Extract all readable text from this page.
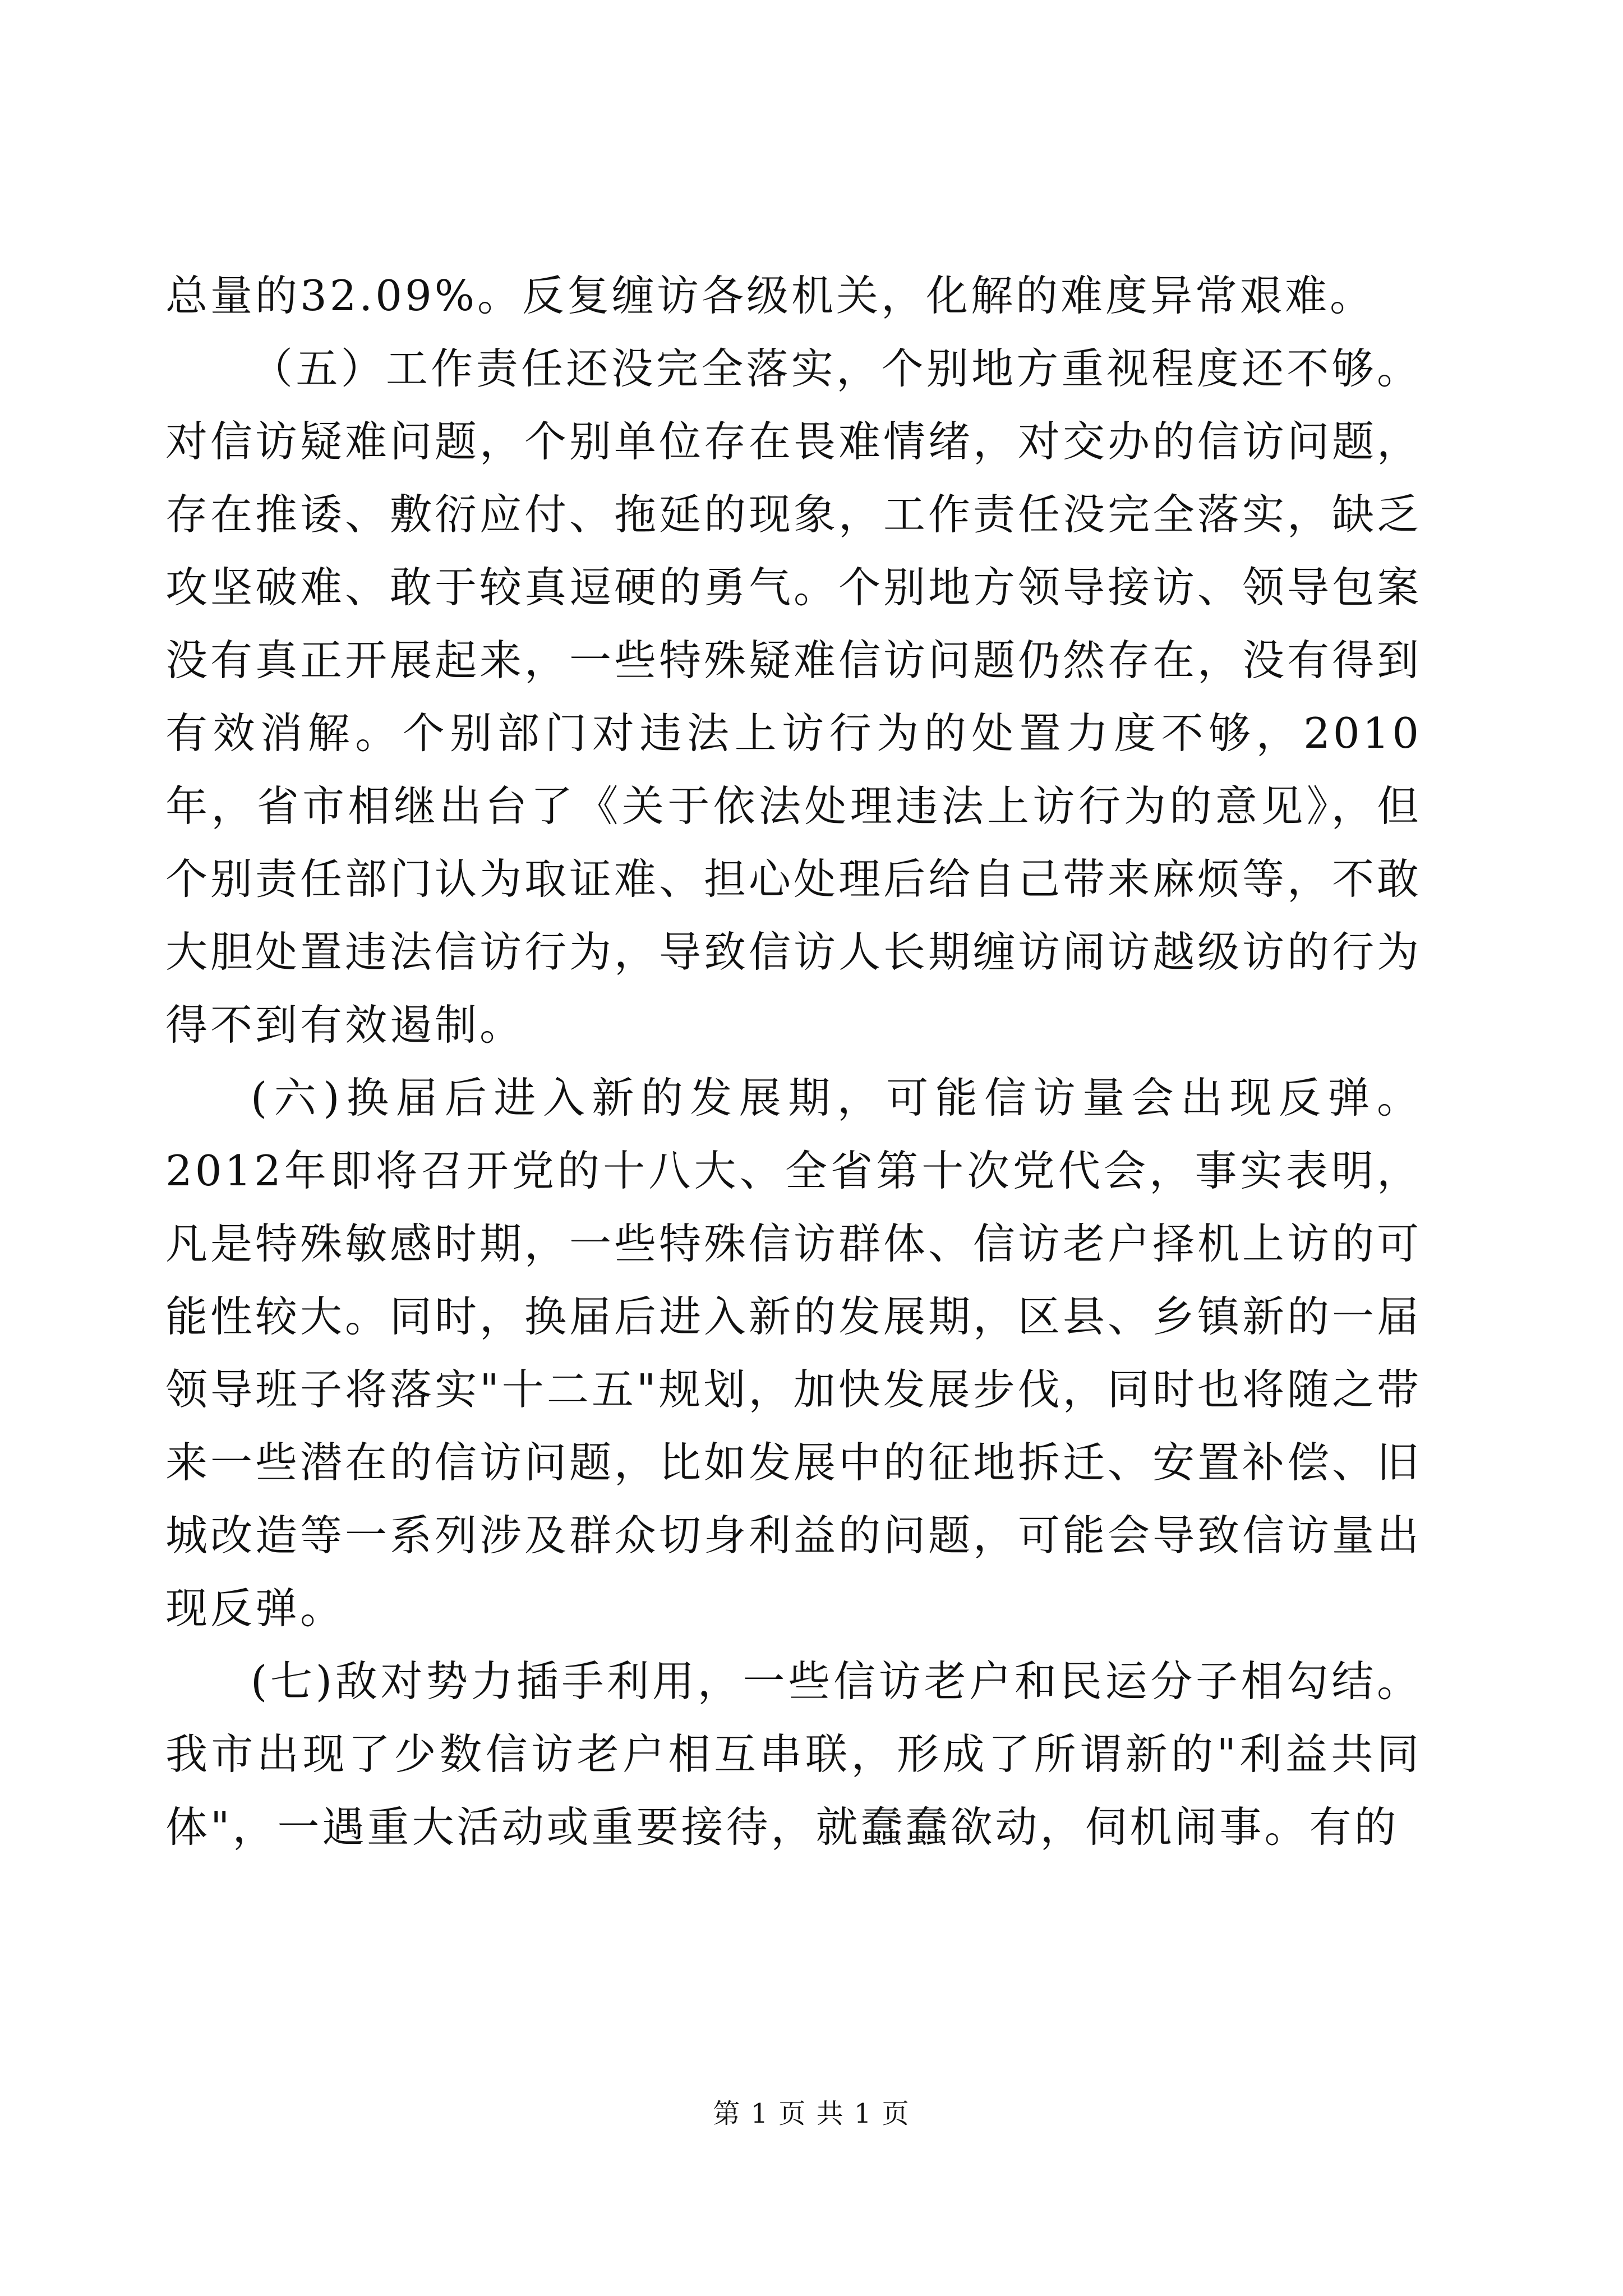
总量的32.09%。反复缠访各级机关，化解的难度异常艰难。

（五）工作责任还没完全落实，个别地方重视程度还不够。对信访疑难问题，个别单位存在畏难情绪，对交办的信访问题，存在推诿、敷衍应付、拖延的现象，工作责任没完全落实，缺乏攻坚破难、敢于较真逗硬的勇气。个别地方领导接访、领导包案没有真正开展起来，一些特殊疑难信访问题仍然存在，没有得到有效消解。个别部门对违法上访行为的处置力度不够，2010年，省市相继出台了《关于依法处理违法上访行为的意见》，但个别责任部门认为取证难、担心处理后给自己带来麻烦等，不敢大胆处置违法信访行为，导致信访人长期缠访闹访越级访的行为得不到有效遏制。

(六)换届后进入新的发展期，可能信访量会出现反弹。2012年即将召开党的十八大、全省第十次党代会，事实表明，凡是特殊敏感时期，一些特殊信访群体、信访老户择机上访的可能性较大。同时，换届后进入新的发展期，区县、乡镇新的一届领导班子将落实"十二五"规划，加快发展步伐，同时也将随之带来一些潜在的信访问题，比如发展中的征地拆迁、安置补偿、旧城改造等一系列涉及群众切身利益的问题，可能会导致信访量出现反弹。

(七)敌对势力插手利用，一些信访老户和民运分子相勾结。我市出现了少数信访老户相互串联，形成了所谓新的"利益共同体"，一遇重大活动或重要接待，就蠢蠢欲动，伺机闹事。有的

第 1 页 共 1 页
